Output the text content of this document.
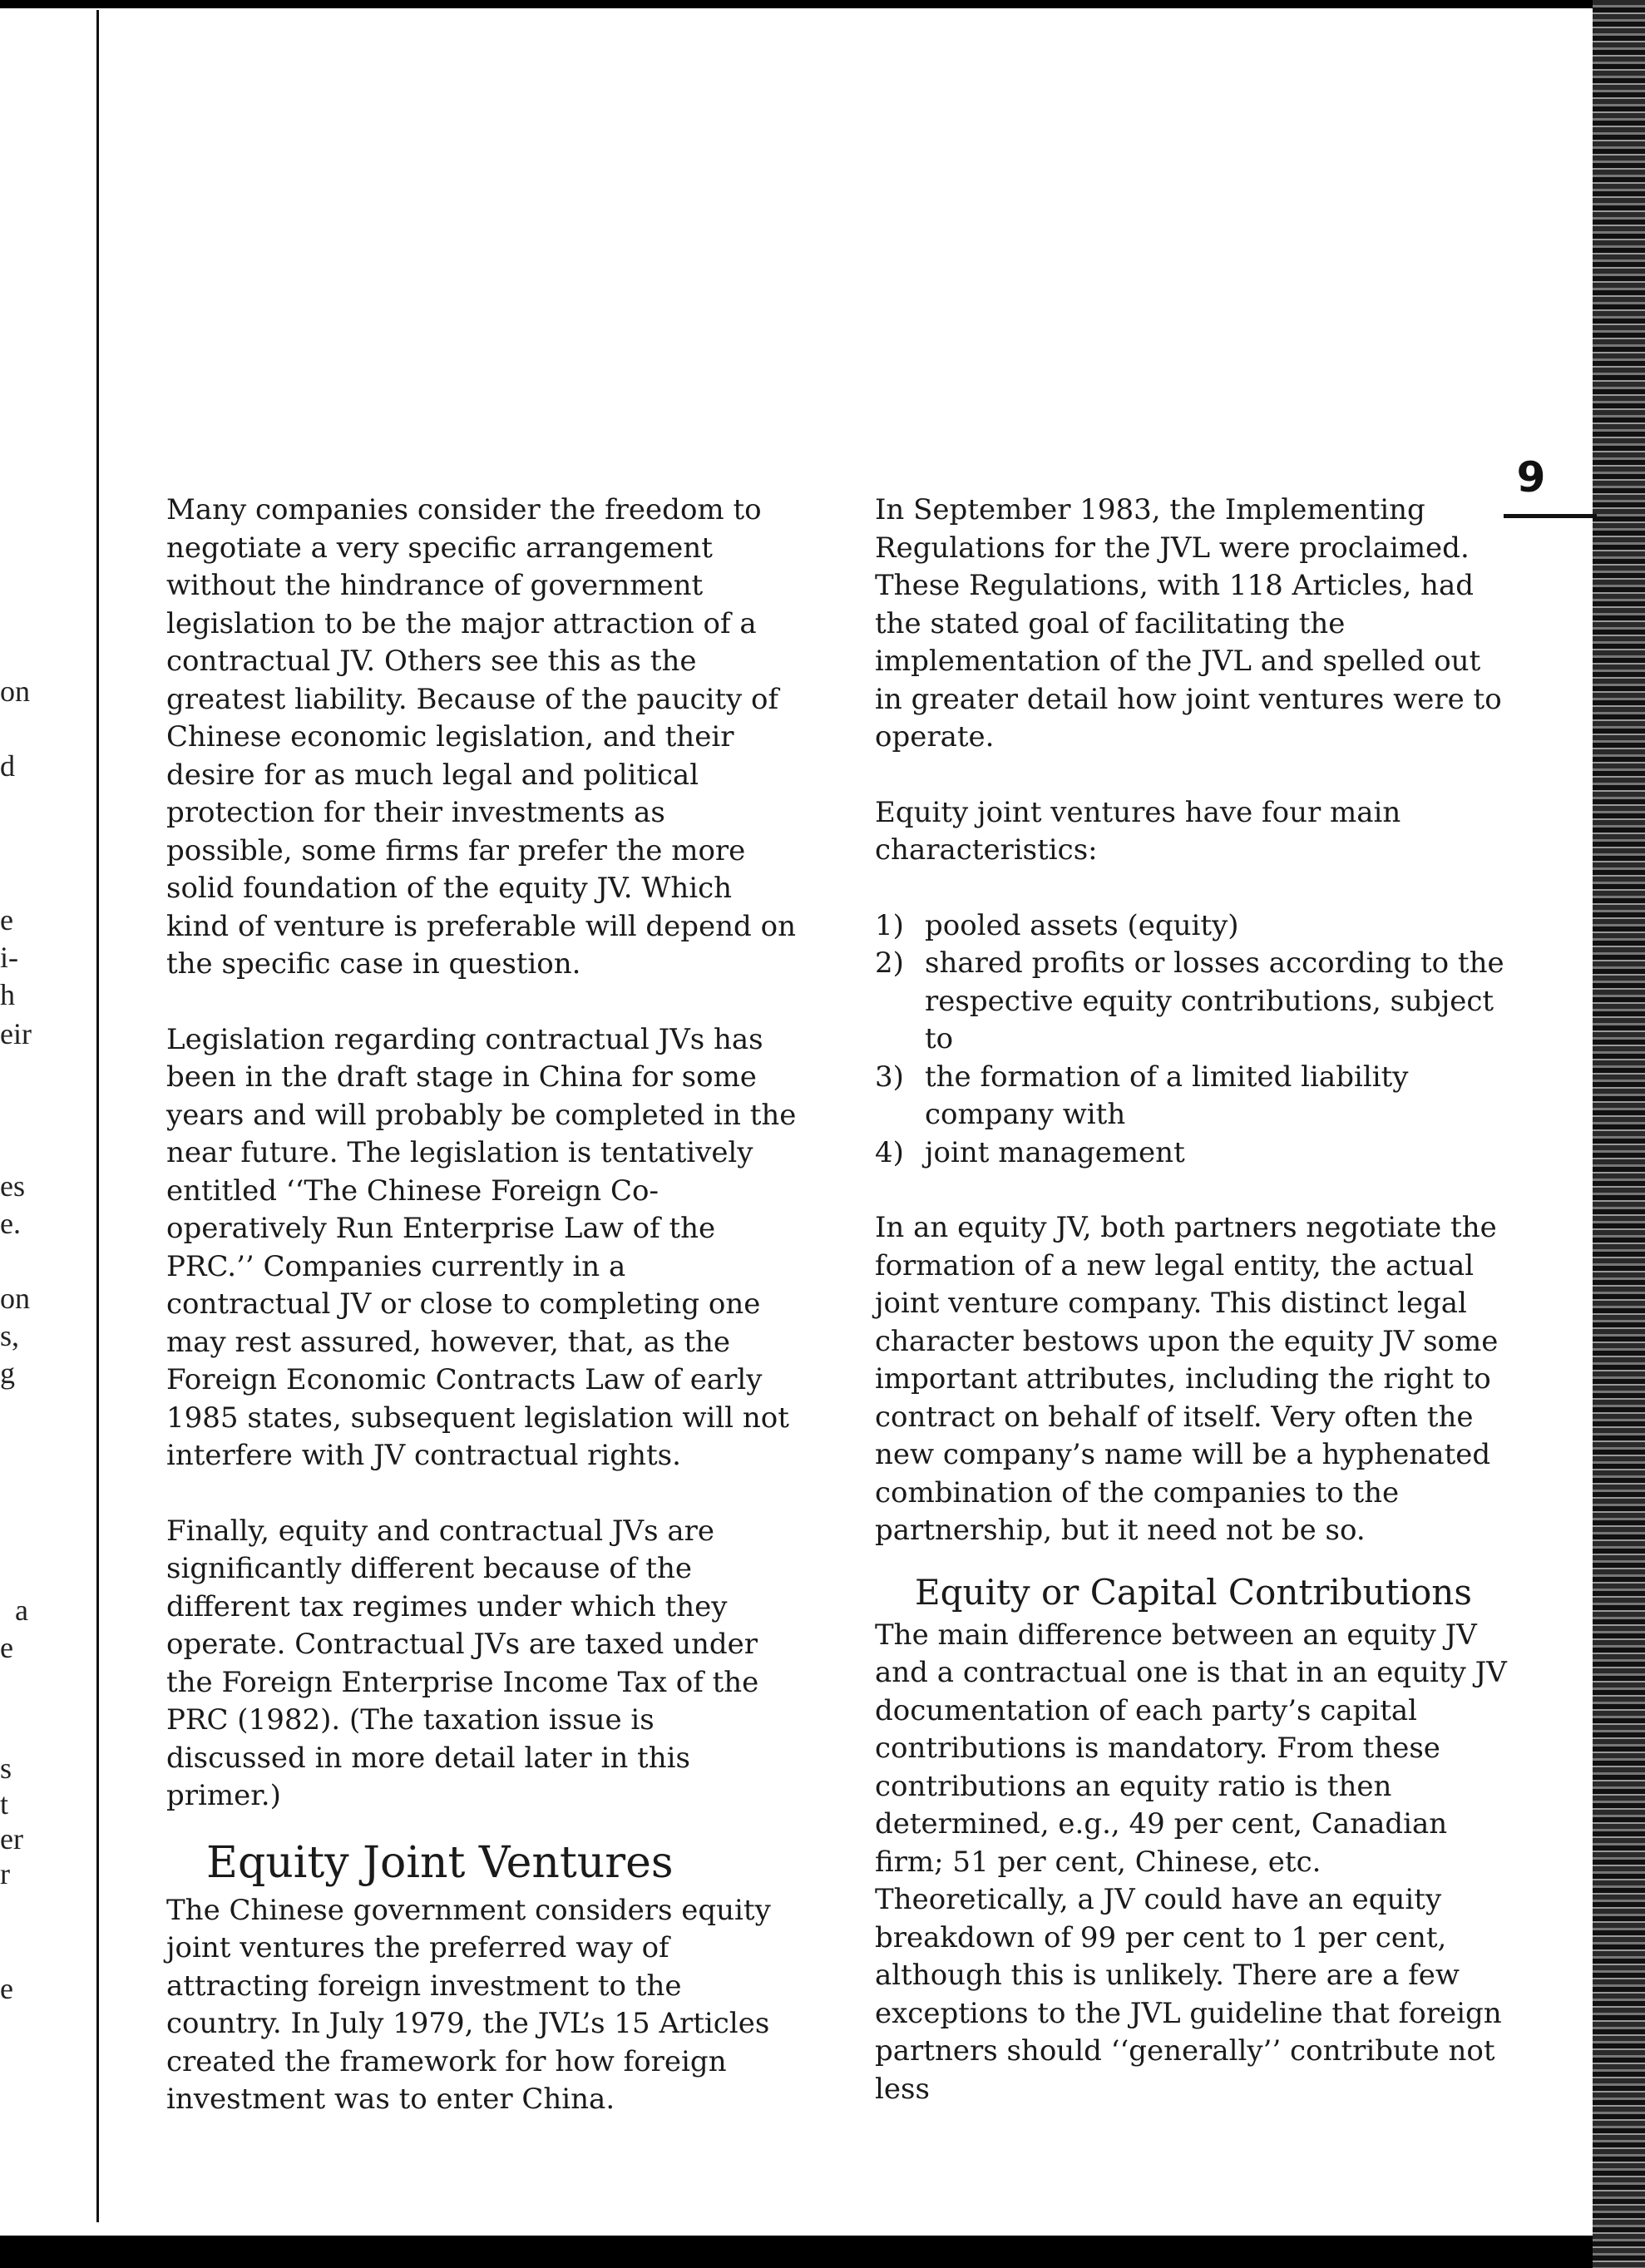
on
d
e
i-
h
eir
es
e.
on
s,
g
a
e
s
t
er
r
e
9

Many companies consider the freedom to negotiate a very specific arrangement without the hindrance of government legislation to be the major attraction of a contractual JV. Others see this as the greatest liability. Because of the paucity of Chinese economic legislation, and their desire for as much legal and political protection for their investments as possible, some firms far prefer the more solid foundation of the equity JV. Which kind of venture is preferable will depend on the specific case in question.

Legislation regarding contractual JVs has been in the draft stage in China for some years and will probably be completed in the near future. The legislation is tentatively entitled ‘‘The Chinese Foreign Co-operatively Run Enterprise Law of the PRC.’’ Companies currently in a contractual JV or close to completing one may rest assured, however, that, as the Foreign Economic Contracts Law of early 1985 states, subsequent legislation will not interfere with JV contractual rights.

Finally, equity and contractual JVs are significantly different because of the different tax regimes under which they operate. Contractual JVs are taxed under the Foreign Enterprise Income Tax of the PRC (1982). (The taxation issue is discussed in more detail later in this primer.)

Equity Joint Ventures

The Chinese government considers equity joint ventures the preferred way of attracting foreign investment to the country. In July 1979, the JVL’s 15 Articles created the framework for how foreign investment was to enter China.

In September 1983, the Implementing Regulations for the JVL were proclaimed. These Regulations, with 118 Articles, had the stated goal of facilitating the implementation of the JVL and spelled out in greater detail how joint ventures were to operate.

Equity joint ventures have four main characteristics:

1) pooled assets (equity)
2) shared profits or losses according to the respective equity contributions, subject to
3) the formation of a limited liability company with
4) joint management

In an equity JV, both partners negotiate the formation of a new legal entity, the actual joint venture company. This distinct legal character bestows upon the equity JV some important attributes, including the right to contract on behalf of itself. Very often the new company’s name will be a hyphenated combination of the companies to the partnership, but it need not be so.

Equity or Capital Contributions

The main difference between an equity JV and a contractual one is that in an equity JV documentation of each party’s capital contributions is mandatory. From these contributions an equity ratio is then determined, e.g., 49 per cent, Canadian firm; 51 per cent, Chinese, etc. Theoretically, a JV could have an equity breakdown of 99 per cent to 1 per cent, although this is unlikely. There are a few exceptions to the JVL guideline that foreign partners should ‘‘generally’’ contribute not less
